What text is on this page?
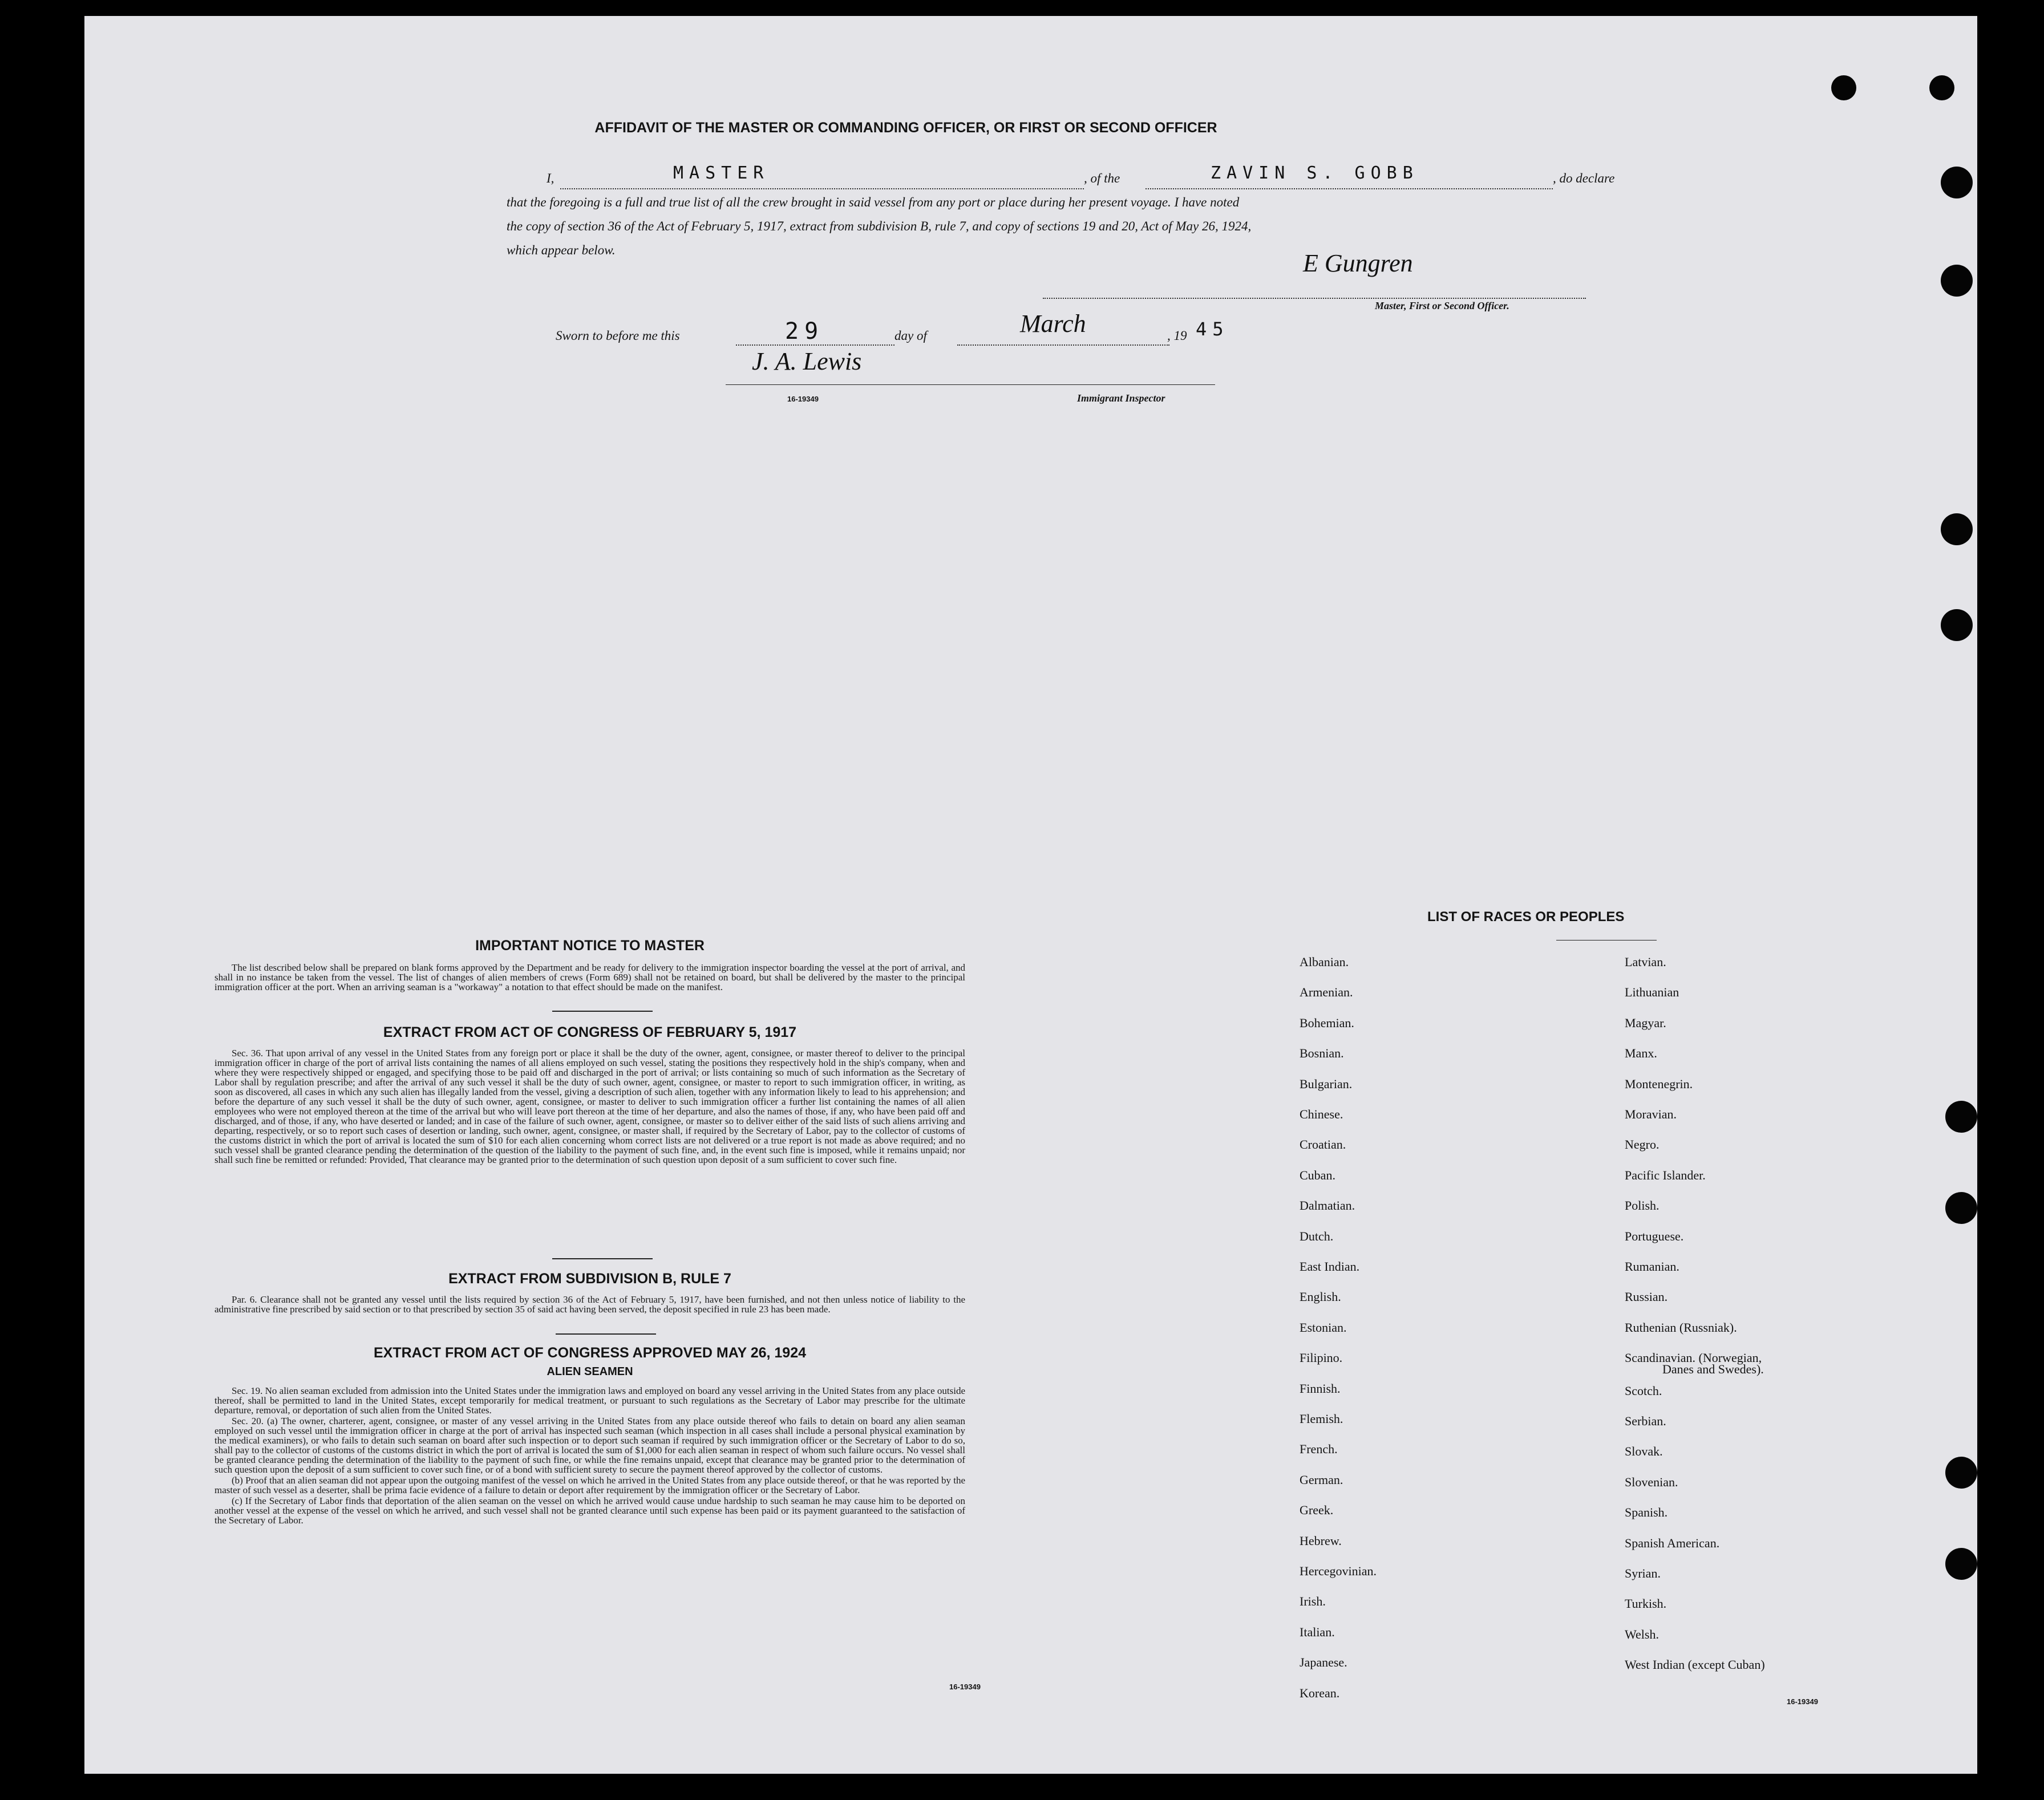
AFFIDAVIT OF THE MASTER OR COMMANDING OFFICER, OR FIRST OR SECOND OFFICER
I,	MASTER	, of the	ZAVIN S. GOBB	, do declare
that the foregoing is a full and true list of all the crew brought in said vessel from any port or place during her present voyage. I have noted
the copy of section 36 of the Act of February 5, 1917, extract from subdivision B, rule 7, and copy of sections 19 and 20, Act of May 26, 1924,
which appear below.	E Gungren
Master, First or Second Officer.
Sworn to before me this	29	day of	March	, 19 45
J. A. Lewis
16-19349	Immigrant Inspector
IMPORTANT NOTICE TO MASTER

The list described below shall be prepared on blank forms approved by the Department and be ready for delivery to the immigration inspector boarding the vessel at the port of arrival, and shall in no instance be taken from the vessel. The list of changes of alien members of crews (Form 689) shall not be retained on board, but shall be delivered by the master to the principal immigration officer at the port. When an arriving seaman is a "workaway" a notation to that effect should be made on the manifest.

EXTRACT FROM ACT OF CONGRESS OF FEBRUARY 5, 1917

Sec. 36. That upon arrival of any vessel in the United States from any foreign port or place it shall be the duty of the owner, agent, consignee, or master thereof to deliver to the principal immigration officer in charge of the port of arrival lists containing the names of all aliens employed on such vessel, stating the positions they respectively hold in the ship's company, when and where they were respectively shipped or engaged, and specifying those to be paid off and discharged in the port of arrival; or lists containing so much of such information as the Secretary of Labor shall by regulation prescribe; and after the arrival of any such vessel it shall be the duty of such owner, agent, consignee, or master to report to such immigration officer, in writing, as soon as discovered, all cases in which any such alien has illegally landed from the vessel, giving a description of such alien, together with any information likely to lead to his apprehension; and before the departure of any such vessel it shall be the duty of such owner, agent, consignee, or master to deliver to such immigration officer a further list containing the names of all alien employees who were not employed thereon at the time of the arrival but who will leave port thereon at the time of her departure, and also the names of those, if any, who have been paid off and discharged, and of those, if any, who have deserted or landed; and in case of the failure of such owner, agent, consignee, or master so to deliver either of the said lists of such aliens arriving and departing, respectively, or so to report such cases of desertion or landing, such owner, agent, consignee, or master shall, if required by the Secretary of Labor, pay to the collector of customs of the customs district in which the port of arrival is located the sum of $10 for each alien concerning whom correct lists are not delivered or a true report is not made as above required; and no such vessel shall be granted clearance pending the determination of the question of the liability to the payment of such fine, and, in the event such fine is imposed, while it remains unpaid; nor shall such fine be remitted or refunded: Provided, That clearance may be granted prior to the determination of such question upon deposit of a sum sufficient to cover such fine.

EXTRACT FROM SUBDIVISION B, RULE 7

Par. 6. Clearance shall not be granted any vessel until the lists required by section 36 of the Act of February 5, 1917, have been furnished, and not then unless notice of liability to the administrative fine prescribed by said section or to that prescribed by section 35 of said act having been served, the deposit specified in rule 23 has been made.

EXTRACT FROM ACT OF CONGRESS APPROVED MAY 26, 1924
ALIEN SEAMEN

Sec. 19. No alien seaman excluded from admission into the United States under the immigration laws and employed on board any vessel arriving in the United States from any place outside thereof, shall be permitted to land in the United States, except temporarily for medical treatment, or pursuant to such regulations as the Secretary of Labor may prescribe for the ultimate departure, removal, or deportation of such alien from the United States.

Sec. 20. (a) The owner, charterer, agent, consignee, or master of any vessel arriving in the United States from any place outside thereof who fails to detain on board any alien seaman employed on such vessel until the immigration officer in charge at the port of arrival has inspected such seaman (which inspection in all cases shall include a personal physical examination by the medical examiners), or who fails to detain such seaman on board after such inspection or to deport such seaman if required by such immigration officer or the Secretary of Labor to do so, shall pay to the collector of customs of the customs district in which the port of arrival is located the sum of $1,000 for each alien seaman in respect of whom such failure occurs. No vessel shall be granted clearance pending the determination of the liability to the payment of such fine, or while the fine remains unpaid, except that clearance may be granted prior to the determination of such question upon the deposit of a sum sufficient to cover such fine, or of a bond with sufficient surety to secure the payment thereof approved by the collector of customs.

(b) Proof that an alien seaman did not appear upon the outgoing manifest of the vessel on which he arrived in the United States from any place outside thereof, or that he was reported by the master of such vessel as a deserter, shall be prima facie evidence of a failure to detain or deport after requirement by the immigration officer or the Secretary of Labor.

(c) If the Secretary of Labor finds that deportation of the alien seaman on the vessel on which he arrived would cause undue hardship to such seaman he may cause him to be deported on another vessel at the expense of the vessel on which he arrived, and such vessel shall not be granted clearance until such expense has been paid or its payment guaranteed to the satisfaction of the Secretary of Labor.

16-19349
LIST OF RACES OR PEOPLES
Danes and Swedes).
16-19349
Albanian.
Armenian.
Bohemian.
Bosnian.
Bulgarian.
Chinese.
Croatian.
Cuban.
Dalmatian.
Dutch.
East Indian.
English.
Estonian.
Filipino.
Finnish.
Flemish.
French.
German.
Greek.
Hebrew.
Hercegovinian.
Irish.
Italian.
Japanese.
Korean.
Latvian.
Lithuanian
Magyar.
Manx.
Montenegrin.
Moravian.
Negro.
Pacific Islander.
Polish.
Portuguese.
Rumanian.
Russian.
Ruthenian (Russniak).
Scandinavian. (Norwegian,
Scotch.
Serbian.
Slovak.
Slovenian.
Spanish.
Spanish American.
Syrian.
Turkish.
Welsh.
West Indian (except Cuban)
